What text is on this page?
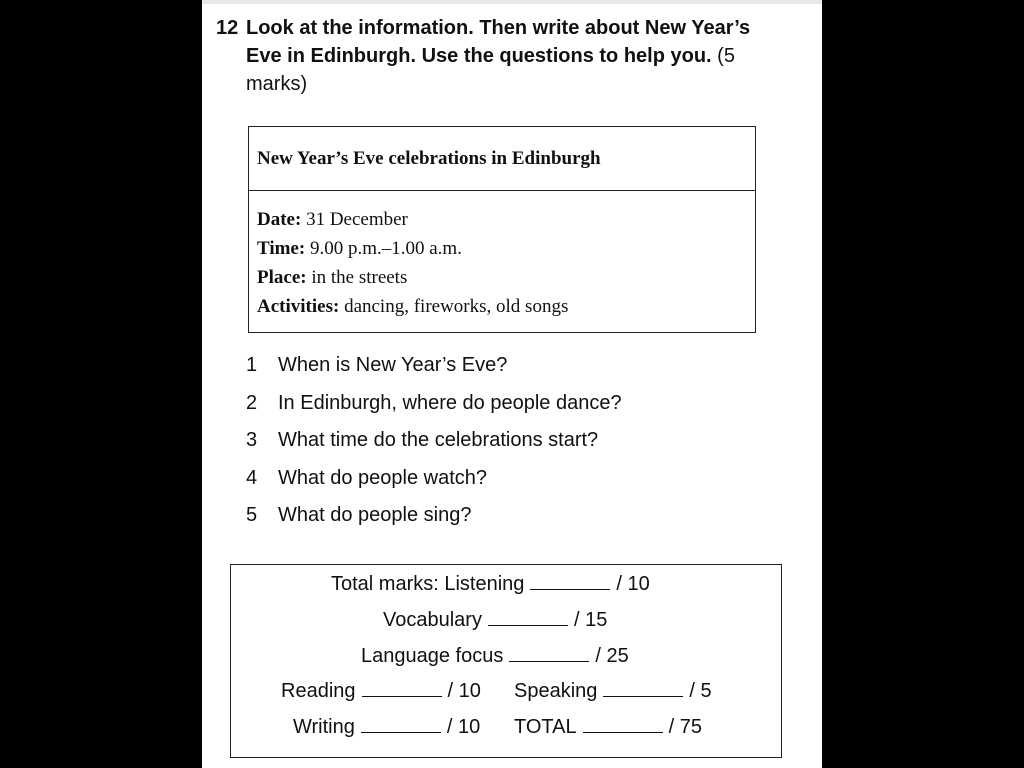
12 Look at the information. Then write about New Year’s Eve in Edinburgh. Use the questions to help you. (5 marks)
New Year’s Eve celebrations in Edinburgh
Date: 31 December
Time: 9.00 p.m.–1.00 a.m.
Place: in the streets
Activities: dancing, fireworks, old songs
1 When is New Year’s Eve?
2 In Edinburgh, where do people dance?
3 What time do the celebrations start?
4 What do people watch?
5 What do people sing?
Total marks: Listening	/ 10
Vocabulary	/ 15
Language focus	/ 25
Reading	/ 10 Speaking	/ 5
Writing	/ 10 TOTAL	/ 75
